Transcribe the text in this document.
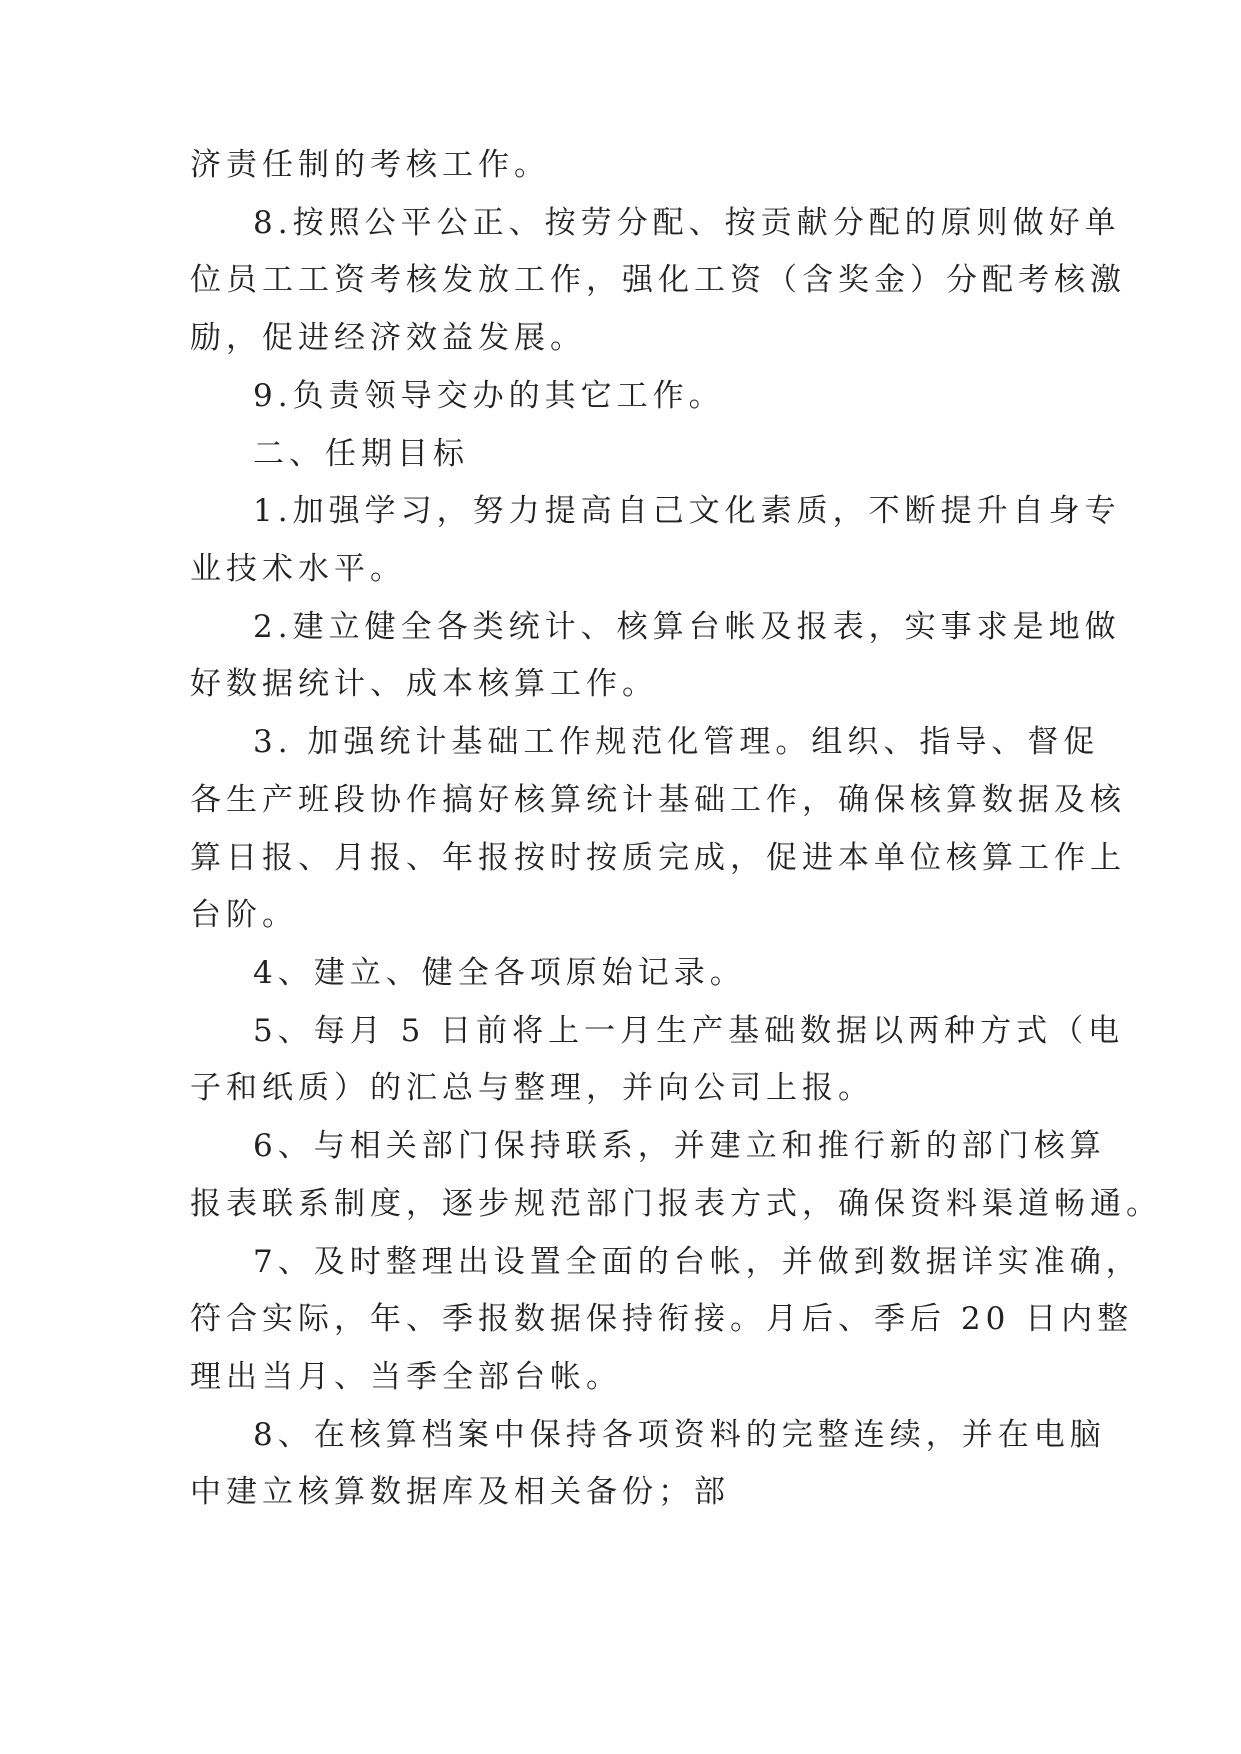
济责任制的考核工作。

8.按照公平公正、按劳分配、按贡献分配的原则做好单

位员工工资考核发放工作，强化工资（含奖金）分配考核激

励，促进经济效益发展。

9.负责领导交办的其它工作。

二、任期目标

1.加强学习，努力提高自己文化素质，不断提升自身专

业技术水平。

2.建立健全各类统计、核算台帐及报表，实事求是地做

好数据统计、成本核算工作。

3. 加强统计基础工作规范化管理。组织、指导、督促

各生产班段协作搞好核算统计基础工作，确保核算数据及核

算日报、月报、年报按时按质完成，促进本单位核算工作上

台阶。

4、建立、健全各项原始记录。

5、每月 5 日前将上一月生产基础数据以两种方式（电

子和纸质）的汇总与整理，并向公司上报。

6、与相关部门保持联系，并建立和推行新的部门核算

报表联系制度，逐步规范部门报表方式，确保资料渠道畅通。

7、及时整理出设置全面的台帐，并做到数据详实准确，

符合实际，年、季报数据保持衔接。月后、季后 20 日内整

理出当月、当季全部台帐。

8、在核算档案中保持各项资料的完整连续，并在电脑

中建立核算数据库及相关备份；部
